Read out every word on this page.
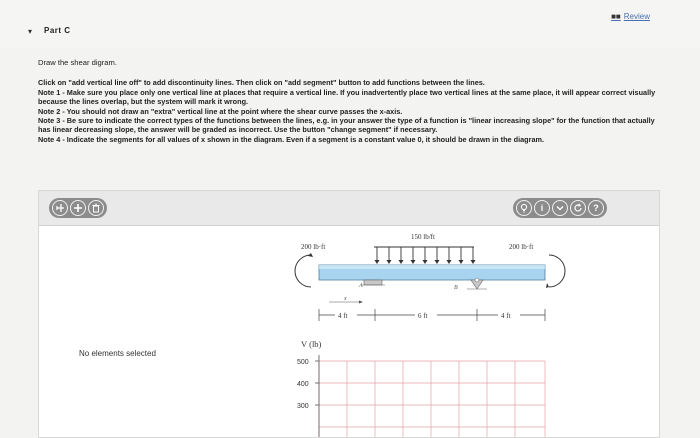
▾ Part C
■■ Review

Draw the shear digram.

Click on "add vertical line off" to add discontinuity lines. Then click on "add segment" button to add functions between the lines.

Note 1 - Make sure you place only one vertical line at places that require a vertical line. If you inadvertently place two vertical lines at the same place, it will appear correct visually because the lines overlap, but the system will mark it wrong.

Note 2 - You should not draw an "extra" vertical line at the point where the shear curve passes the x-axis.

Note 3 - Be sure to indicate the correct types of the functions between the lines, e.g. in your answer the type of a function is "linear increasing slope" for the function that actually has linear decreasing slope, the answer will be graded as incorrect. Use the button "change segment" if necessary.

Note 4 - Indicate the segments for all values of x shown in the diagram. Even if a segment is a constant value 0, it should be drawn in the diagram.

i	?
No elements selected
150 lb/ft
200 lb·ft	200 lb·ft
A	B
x
4 ft	6 ft	4 ft
V (lb)
500
400
300
